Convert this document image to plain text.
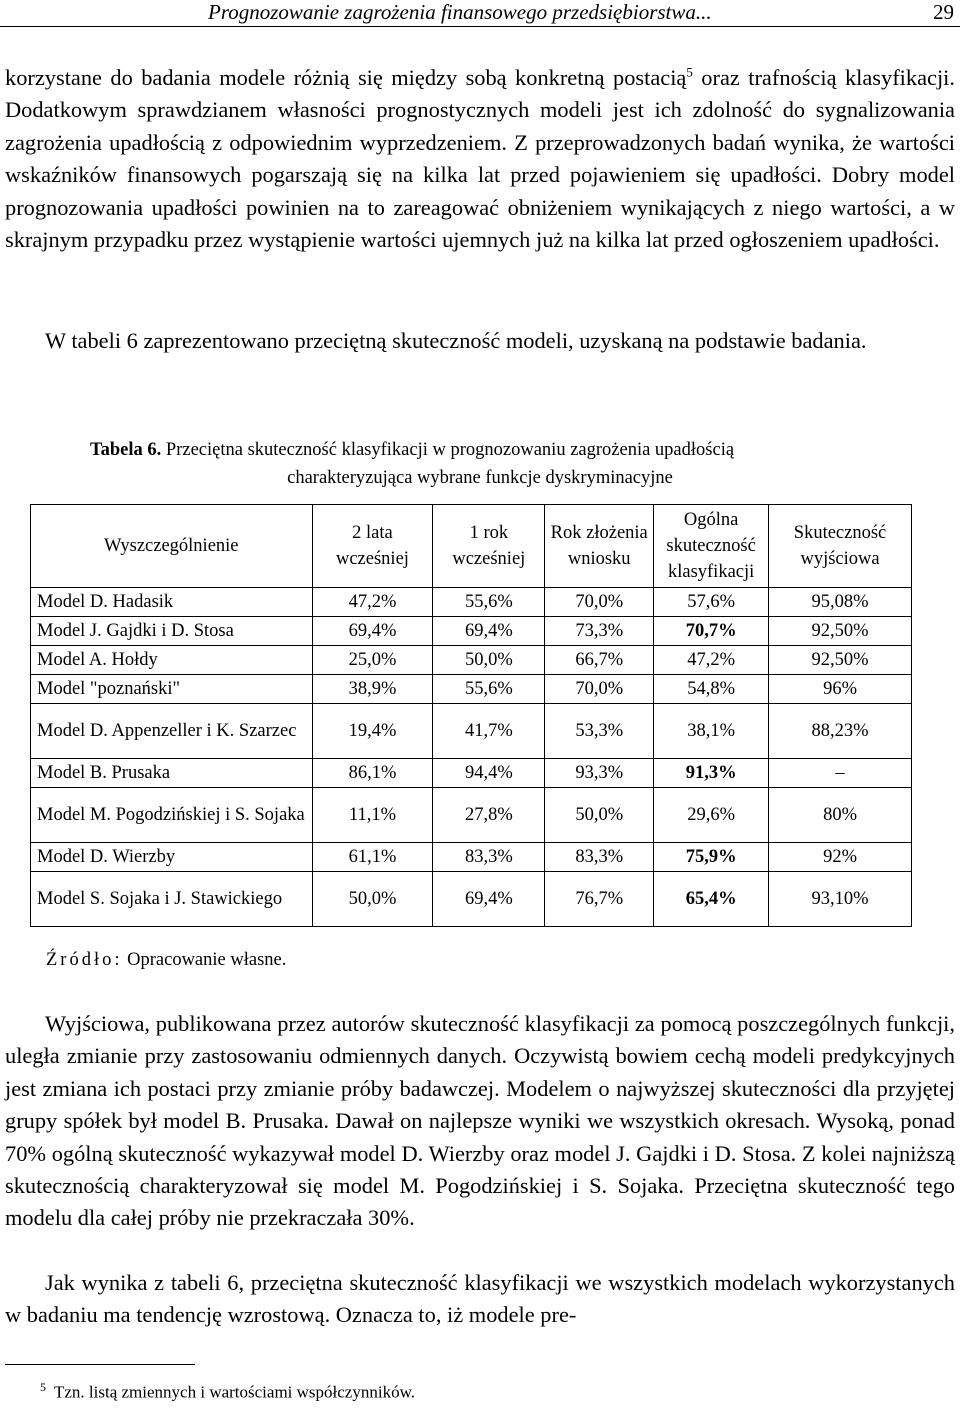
Prognozowanie zagrożenia finansowego przedsiębiorstwa...	29

korzystane do badania modele różnią się między sobą konkretną postacią$^5$ oraz trafnością klasyfikacji. Dodatkowym sprawdzianem własności prognostycznych modeli jest ich zdolność do sygnalizowania zagrożenia upadłością z odpowiednim wyprzedzeniem. Z przeprowadzonych badań wynika, że wartości wskaźników finansowych pogarszają się na kilka lat przed pojawieniem się upadłości. Dobry model prognozowania upadłości powinien na to zareagować obniżeniem wynikających z niego wartości, a w skrajnym przypadku przez wystąpienie wartości ujemnych już na kilka lat przed ogłoszeniem upadłości.

W tabeli 6 zaprezentowano przeciętną skuteczność modeli, uzyskaną na podstawie badania.

Tabela 6. Przeciętna skuteczność klasyfikacji w prognozowaniu zagrożenia upadłością
charakteryzująca wybrane funkcje dyskryminacyjne
Wyszczególnienie	2 lata wcześniej	1 rok wcześniej	Rok złożenia wniosku	Ogólna skuteczność klasyfikacji	Skuteczność wyjściowa
Model D. Hadasik	47,2%	55,6%	70,0%	57,6%	95,08%
Model J. Gajdki i D. Stosa	69,4%	69,4%	73,3%	70,7%	92,50%
Model A. Hołdy	25,0%	50,0%	66,7%	47,2%	92,50%
Model "poznański"	38,9%	55,6%	70,0%	54,8%	96%
Model D. Appenzeller i K. Szarzec	19,4%	41,7%	53,3%	38,1%	88,23%
Model B. Prusaka	86,1%	94,4%	93,3%	91,3%	–
Model M. Pogodzińskiej i S. Sojaka	11,1%	27,8%	50,0%	29,6%	80%
Model D. Wierzby	61,1%	83,3%	83,3%	75,9%	92%
Model S. Sojaka i J. Stawickiego	50,0%	69,4%	76,7%	65,4%	93,10%
Źródło: Opracowanie własne.

Wyjściowa, publikowana przez autorów skuteczność klasyfikacji za pomocą poszczególnych funkcji, uległa zmianie przy zastosowaniu odmiennych danych. Oczywistą bowiem cechą modeli predykcyjnych jest zmiana ich postaci przy zmianie próby badawczej. Modelem o najwyższej skuteczności dla przyjętej grupy spółek był model B. Prusaka. Dawał on najlepsze wyniki we wszystkich okresach. Wysoką, ponad 70% ogólną skuteczność wykazywał model D. Wierzby oraz model J. Gajdki i D. Stosa. Z kolei najniższą skutecznością charakteryzował się model M. Pogodzińskiej i S. Sojaka. Przeciętna skuteczność tego modelu dla całej próby nie przekraczała 30%.

Jak wynika z tabeli 6, przeciętna skuteczność klasyfikacji we wszystkich modelach wykorzystanych w badaniu ma tendencję wzrostową. Oznacza to, iż modele pre-

$^5$ Tzn. listą zmiennych i wartościami współczynników.
